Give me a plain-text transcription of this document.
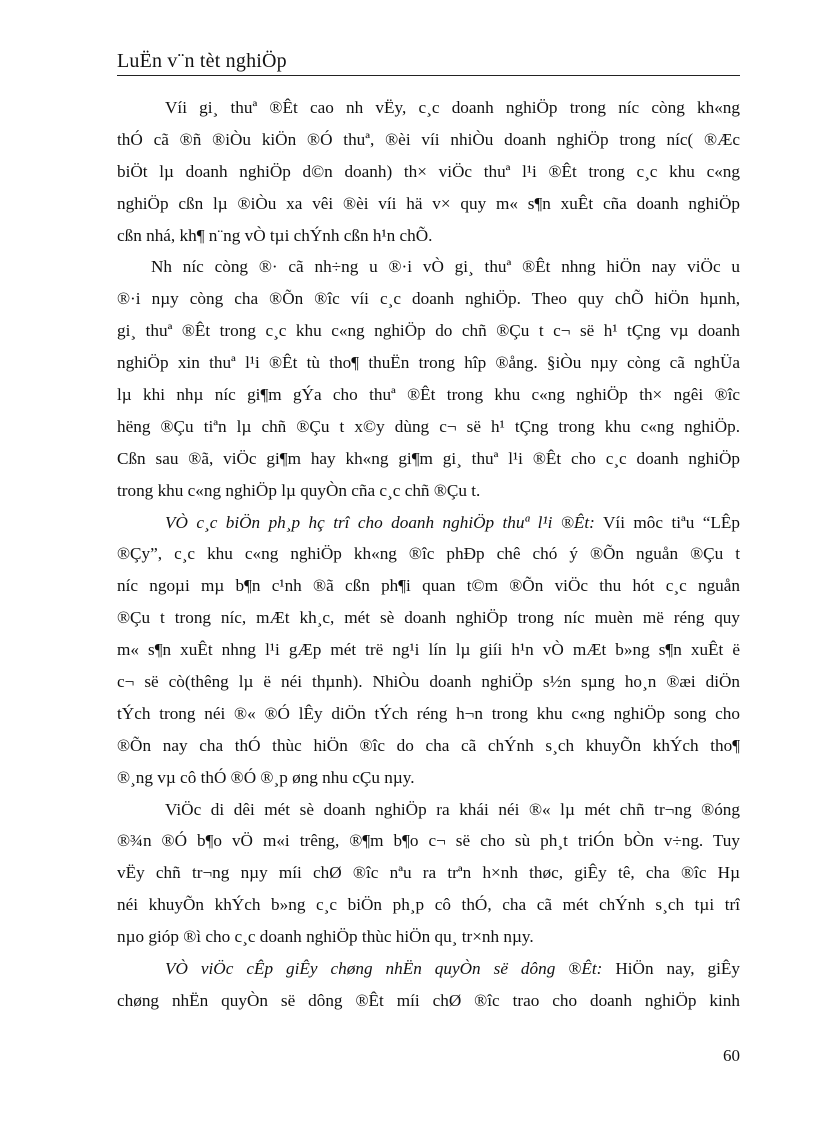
LuËn v¨n tèt nghiÖp
Víi gi¸ thuª ®Êt cao nh vËy, c¸c doanh nghiÖp trong níc còng kh«ng
thÓ cã ®ñ ®iÒu kiÖn ®Ó thuª, ®èi víi nhiÒu doanh nghiÖp trong níc( ®Æc
biÖt lµ doanh nghiÖp d©n doanh) th× viÖc thuª l¹i ®Êt trong c¸c khu c«ng
nghiÖp cßn lµ ®iÒu xa vêi ®èi víi hä v× quy m« s¶n xuÊt cña doanh nghiÖp
cßn nhá, kh¶ n¨ng vÒ tµi chÝnh cßn h¹n chÕ.
Nh níc còng ®· cã nh÷ng u ®·i vÒ gi¸ thuª ®Êt nhng hiÖn nay viÖc u
®·i nµy còng cha ®Õn ®îc víi c¸c doanh nghiÖp. Theo quy chÕ hiÖn hµnh,
gi¸ thuª ®Êt trong c¸c khu c«ng nghiÖp do chñ ®Çu t c¬ së h¹ tÇng vµ doanh
nghiÖp xin thuª l¹i ®Êt tù tho¶ thuËn trong hîp ®ång. §iÒu nµy còng cã nghÜa
lµ khi nhµ níc gi¶m gÝa cho thuª ®Êt trong khu c«ng nghiÖp th× ngêi ®îc
hëng ®Çu tiªn lµ chñ ®Çu t x©y dùng c¬ së h¹ tÇng trong khu c«ng nghiÖp.
Cßn sau ®ã, viÖc gi¶m hay kh«ng gi¶m gi¸ thuª l¹i ®Êt cho c¸c doanh nghiÖp
trong khu c«ng nghiÖp lµ quyÒn cña c¸c chñ ®Çu t.
VÒ c¸c biÖn ph¸p hç trî cho doanh nghiÖp thuª l¹i ®Êt: Víi môc tiªu “LÊp
®Çy”, c¸c khu c«ng nghiÖp kh«ng ®îc phÐp chê chó ý ®Õn nguån ®Çu t
níc ngoµi mµ b¶n c¹nh ®ã cßn ph¶i quan t©m ®Õn viÖc thu hót c¸c nguån
®Çu t trong níc, mÆt kh¸c, mét sè doanh nghiÖp trong níc muèn më réng quy
m« s¶n xuÊt nhng l¹i gÆp mét trë ng¹i lín lµ giíi h¹n vÒ mÆt b»ng s¶n xuÊt ë
c¬ së cò(thêng lµ ë néi thµnh). NhiÒu doanh nghiÖp s½n sµng ho¸n ®æi diÖn
tÝch trong néi ®« ®Ó lÊy diÖn tÝch réng h¬n trong khu c«ng nghiÖp song cho
®Õn nay cha thÓ thùc hiÖn ®îc do cha cã chÝnh s¸ch khuyÕn khÝch tho¶
®¸ng vµ cô thÓ ®Ó ®¸p øng nhu cÇu nµy.
ViÖc di dêi mét sè doanh nghiÖp ra khái néi ®« lµ mét chñ tr¬ng ®óng
®¾n ®Ó b¶o vÖ m«i trêng, ®¶m b¶o c¬ së cho sù ph¸t triÓn bÒn v÷ng. Tuy
vËy chñ tr¬ng nµy míi chØ ®îc nªu ra trªn h×nh thøc, giÊy tê, cha ®îc Hµ
néi khuyÕn khÝch b»ng c¸c biÖn ph¸p cô thÓ, cha cã mét chÝnh s¸ch tµi trî
nµo gióp ®ì cho c¸c doanh nghiÖp thùc hiÖn qu¸ tr×nh nµy.
VÒ viÖc cÊp giÊy chøng nhËn quyÒn së dông ®Êt: HiÖn nay, giÊy
chøng nhËn quyÒn së dông ®Êt míi chØ ®îc trao cho doanh nghiÖp kinh
60
